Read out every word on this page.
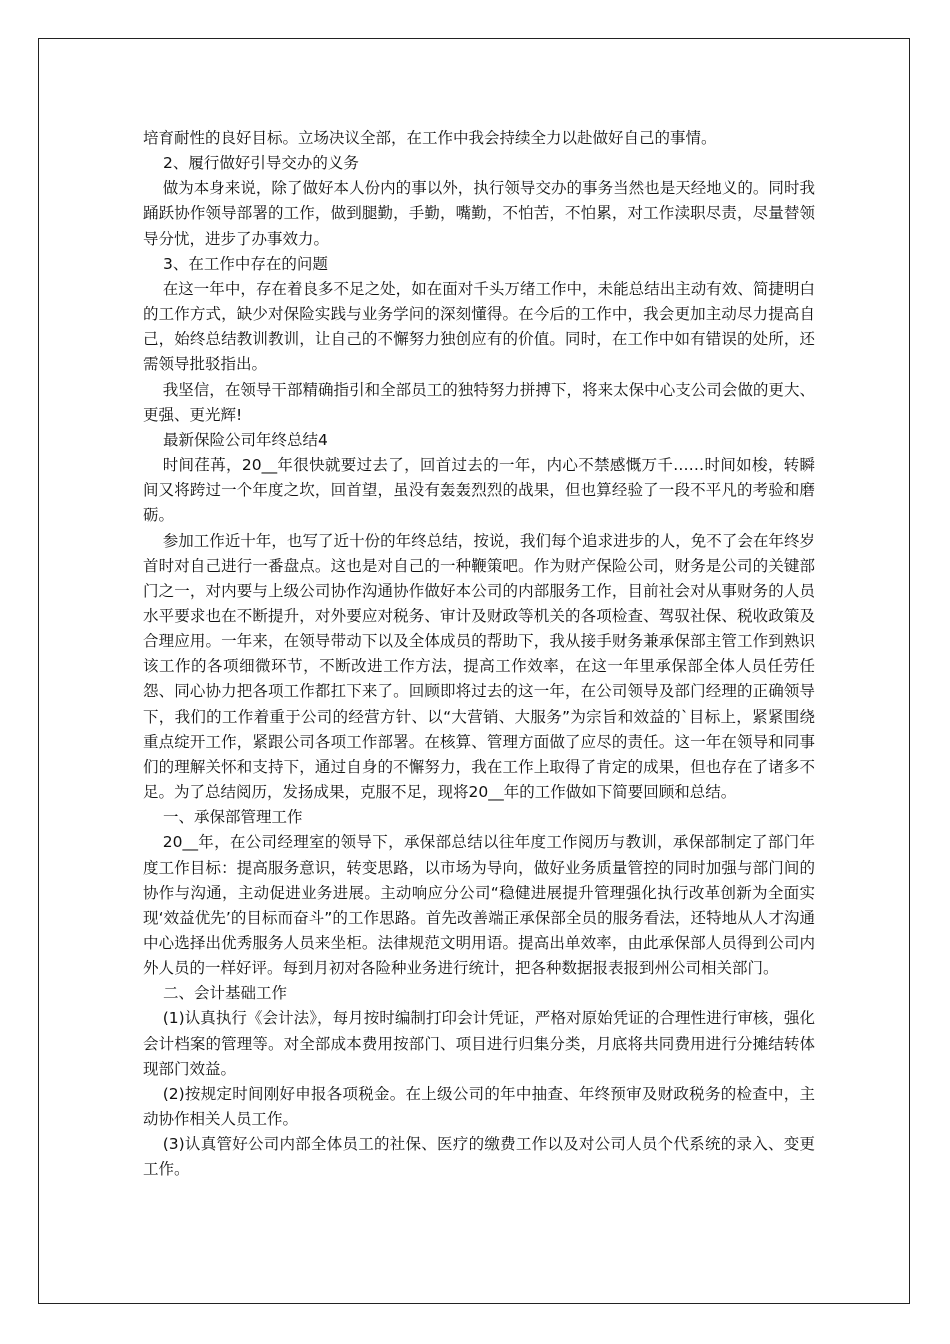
培育耐性的良好目标。立场决议全部，在工作中我会持续全力以赴做好自己的事情。

2、履行做好引导交办的义务

做为本身来说，除了做好本人份内的事以外，执行领导交办的事务当然也是天经地义的。同时我踊跃协作领导部署的工作，做到腿勤，手勤，嘴勤，不怕苦，不怕累，对工作渎职尽责，尽量替领导分忧，进步了办事效力。

3、在工作中存在的问题

在这一年中，存在着良多不足之处，如在面对千头万绪工作中，未能总结出主动有效、简捷明白的工作方式，缺少对保险实践与业务学问的深刻懂得。在今后的工作中，我会更加主动尽力提高自己，始终总结教训教训，让自己的不懈努力独创应有的价值。同时，在工作中如有错误的处所，还需领导批驳指出。

我坚信，在领导干部精确指引和全部员工的独特努力拼搏下，将来太保中心支公司会做的更大、更强、更光辉!

最新保险公司年终总结4

时间荏苒，20__年很快就要过去了，回首过去的一年，内心不禁感慨万千……时间如梭，转瞬间又将跨过一个年度之坎，回首望，虽没有轰轰烈烈的战果，但也算经验了一段不平凡的考验和磨砺。

参加工作近十年，也写了近十份的年终总结，按说，我们每个追求进步的人，免不了会在年终岁首时对自己进行一番盘点。这也是对自己的一种鞭策吧。作为财产保险公司，财务是公司的关键部门之一，对内要与上级公司协作沟通协作做好本公司的内部服务工作，目前社会对从事财务的人员水平要求也在不断提升，对外要应对税务、审计及财政等机关的各项检查、驾驭社保、税收政策及合理应用。一年来，在领导带动下以及全体成员的帮助下，我从接手财务兼承保部主管工作到熟识该工作的各项细微环节，不断改进工作方法，提高工作效率，在这一年里承保部全体人员任劳任怨、同心协力把各项工作都扛下来了。回顾即将过去的这一年，在公司领导及部门经理的正确领导下，我们的工作着重于公司的经营方针、以“大营销、大服务”为宗旨和效益的`目标上，紧紧围绕重点绽开工作，紧跟公司各项工作部署。在核算、管理方面做了应尽的责任。这一年在领导和同事们的理解关怀和支持下，通过自身的不懈努力，我在工作上取得了肯定的成果，但也存在了诸多不足。为了总结阅历，发扬成果，克服不足，现将20__年的工作做如下简要回顾和总结。

一、承保部管理工作

20__年，在公司经理室的领导下，承保部总结以往年度工作阅历与教训，承保部制定了部门年度工作目标：提高服务意识，转变思路，以市场为导向，做好业务质量管控的同时加强与部门间的协作与沟通，主动促进业务进展。主动响应分公司“稳健进展提升管理强化执行改革创新为全面实现‘效益优先’的目标而奋斗”的工作思路。首先改善端正承保部全员的服务看法，还特地从人才沟通中心选择出优秀服务人员来坐柜。法律规范文明用语。提高出单效率，由此承保部人员得到公司内外人员的一样好评。每到月初对各险种业务进行统计，把各种数据报表报到州公司相关部门。

二、会计基础工作

(1)认真执行《会计法》，每月按时编制打印会计凭证，严格对原始凭证的合理性进行审核，强化会计档案的管理等。对全部成本费用按部门、项目进行归集分类，月底将共同费用进行分摊结转体现部门效益。

(2)按规定时间刚好申报各项税金。在上级公司的年中抽查、年终预审及财政税务的检查中，主动协作相关人员工作。

(3)认真管好公司内部全体员工的社保、医疗的缴费工作以及对公司人员个代系统的录入、变更工作。
